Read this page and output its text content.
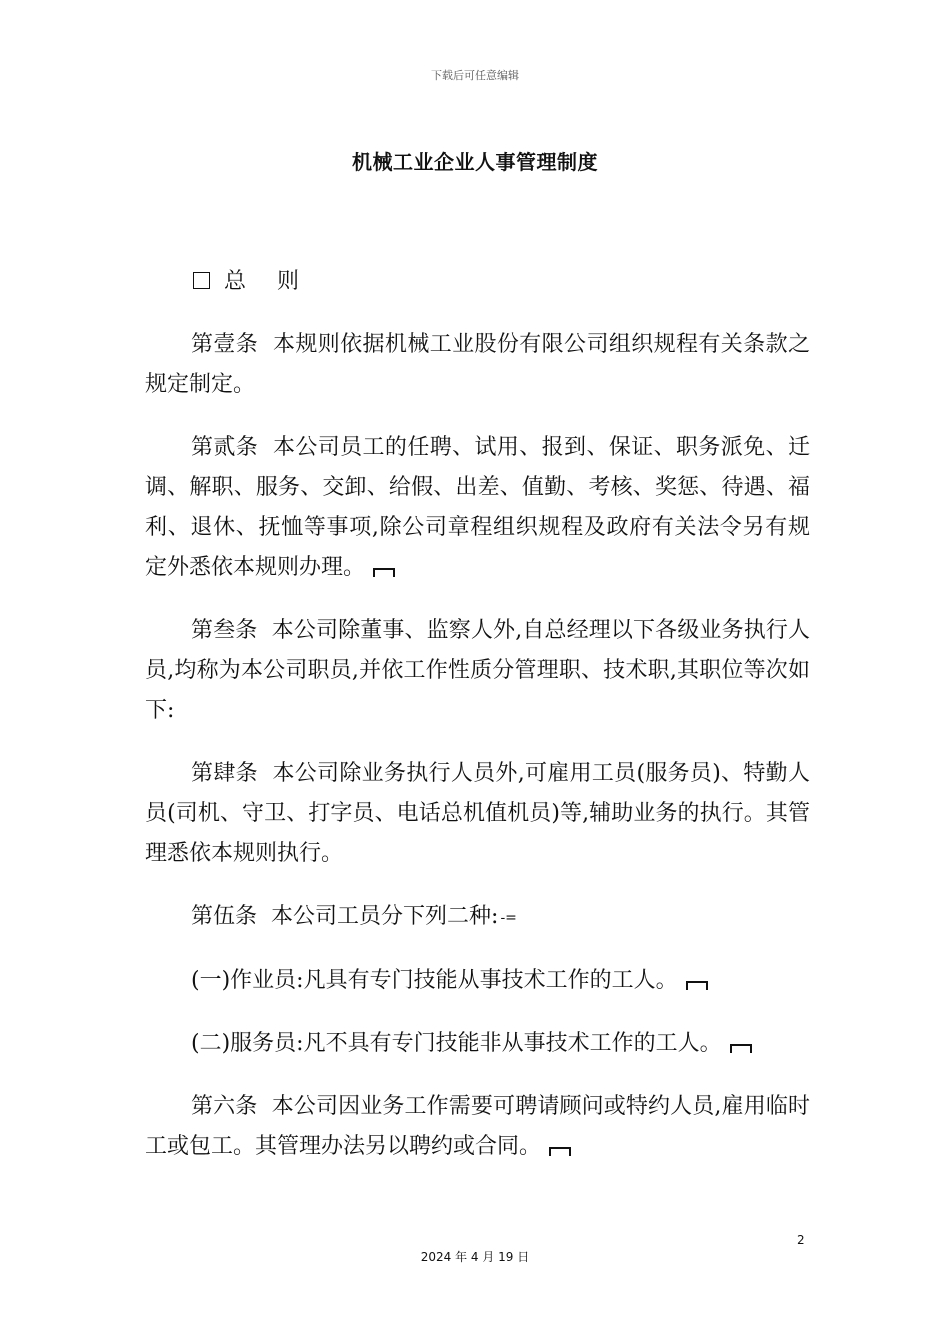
下载后可任意编辑
机械工业企业人事管理制度
总 则

第壹条 本规则依据机械工业股份有限公司组织规程有关条款之规定制定。

第贰条 本公司员工的任聘、试用、报到、保证、职务派免、迁调、解职、服务、交卸、给假、出差、值勤、考核、奖惩、待遇、福利、退休、抚恤等事项,除公司章程组织规程及政府有关法令另有规定外悉依本规则办理。

第叁条 本公司除董事、监察人外,自总经理以下各级业务执行人员,均称为本公司职员,并依工作性质分管理职、技术职,其职位等次如下:

第肆条 本公司除业务执行人员外,可雇用工员(服务员)、特勤人员(司机、守卫、打字员、电话总机值机员)等,辅助业务的执行。其管理悉依本规则执行。

第伍条 本公司工员分下列二种: -=

(一)作业员:凡具有专门技能从事技术工作的工人。

(二)服务员:凡不具有专门技能非从事技术工作的工人。

第六条 本公司因业务工作需要可聘请顾问或特约人员,雇用临时工或包工。其管理办法另以聘约或合同。

2
2024 年 4 月 19 日
